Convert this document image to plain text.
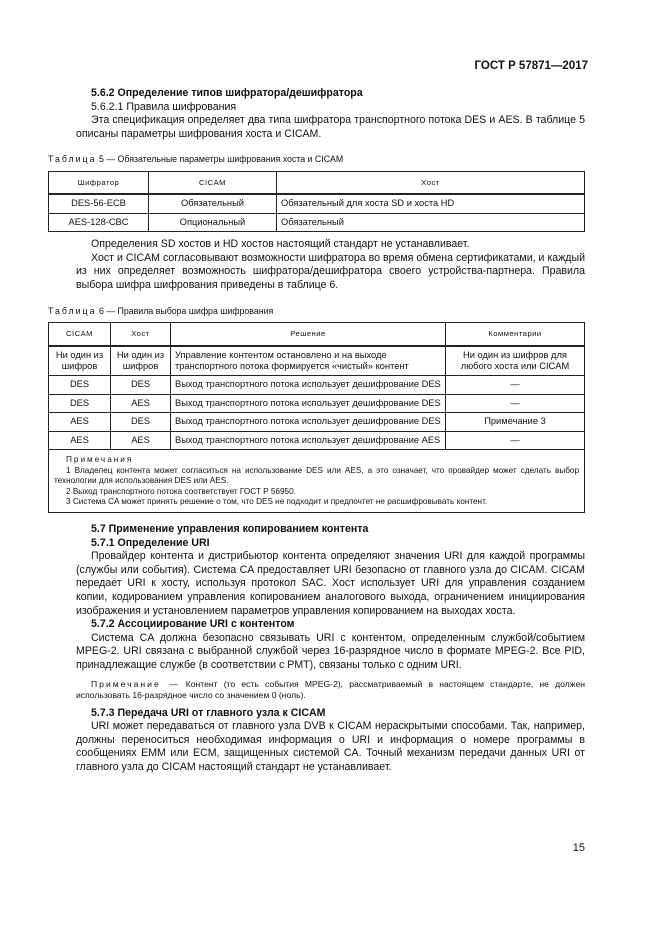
ГОСТ Р 57871—2017

5.6.2 Определение типов шифратора/дешифратора

5.6.2.1 Правила шифрования

Эта спецификация определяет два типа шифратора транспортного потока DES и AES. В таблице 5 описаны параметры шифрования хоста и CICAM.

Таблица 5 — Обязательные параметры шифрования хоста и CICAM
Шифратор	CICAM	Хост
DES-56-ECB	Обязательный	Обязательный для хоста SD и хоста HD
AES-128-CBC	Опциональный	Обязательный

Определения SD хостов и HD хостов настоящий стандарт не устанавливает.

Хост и CICAM согласовывают возможности шифратора во время обмена сертификатами, и каждый из них определяет возможность шифратора/дешифратора своего устройства-партнера. Правила выбора шифра шифрования приведены в таблице 6.

Таблица 6 — Правила выбора шифра шифрования
CICAM	Хост	Решение	Комментарии
Ни один из шифров	Ни один из шифров	Управление контентом остановлено и на выходе транспортного потока формируется «чистый» контент	Ни один из шифров для любого хоста или CICAM
DES	DES	Выход транспортного потока использует дешифрование DES	—
DES	AES	Выход транспортного потока использует дешифрование DES	—
AES	DES	Выход транспортного потока использует дешифрование DES	Примечание 3
AES	AES	Выход транспортного потока использует дешифрование AES	—

Примечания
1 Владелец контента может согласиться на использование DES или AES, а это означает, что провайдер может сделать выбор технологии для использования DES или AES.
2 Выход транспортного потока соответствует ГОСТ Р 56950.
3 Система CA может принять решение о том, что DES не подходит и предпочтет не расшифровывать контент.			

5.7 Применение управления копированием контента

5.7.1 Определение URI

Провайдер контента и дистрибьютор контента определяют значения URI для каждой программы (службы или события). Система CA предоставляет URI безопасно от главного узла до CICAM. CICAM передает URI к хосту, используя протокол SAC. Хост использует URI для управления созданием копии, кодированием управления копированием аналогового выхода, ограничением инициирования изображения и установлением параметров управления копированием на выходах хоста.

5.7.2 Ассоциирование URI с контентом

Система CA должна безопасно связывать URI с контентом, определенным службой/событием MPEG-2. URI связана с выбранной службой через 16-разрядное число в формате MPEG-2. Все PID, принадлежащие службе (в соответствии с PMT), связаны только с одним URI.

Примечание — Контент (то есть события MPEG-2), рассматриваемый в настоящем стандарте, не должен использовать 16-разрядное число со значением 0 (ноль).

5.7.3 Передача URI от главного узла к CICAM

URI может передаваться от главного узла DVB к CICAM нераскрытыми способами. Так, например, должны переноситься необходимая информация о URI и информация о номере программы в сообщениях EMM или ECM, защищенных системой CA. Точный механизм передачи данных URI от главного узла до CICAM настоящий стандарт не устанавливает.

15
